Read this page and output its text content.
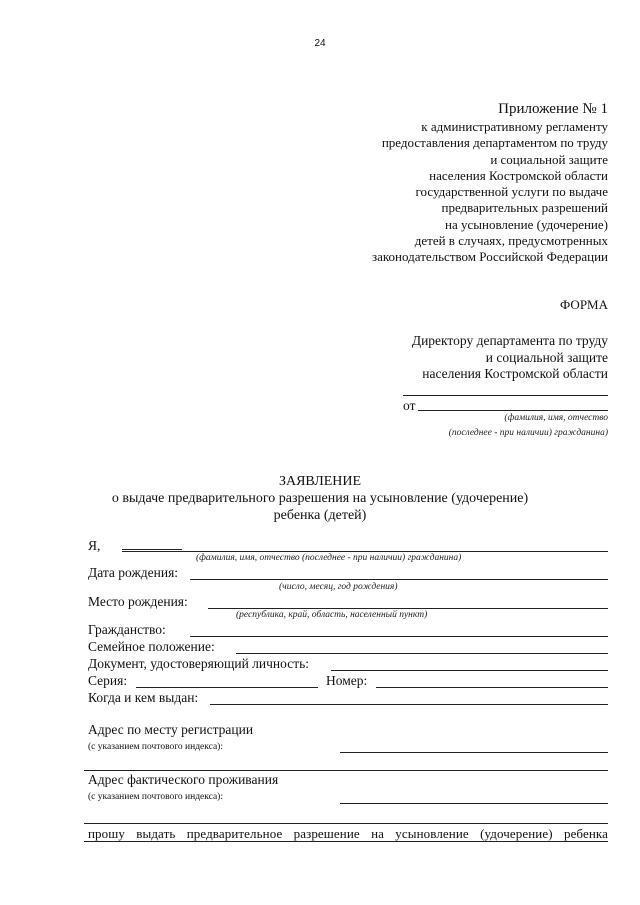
24
Приложение № 1
к административному регламенту
предоставления департаментом по труду
и социальной защите
населения Костромской области
государственной услуги по выдаче
предварительных разрешений
на усыновление (удочерение)
детей в случаях, предусмотренных
законодательством Российской Федерации
ФОРМА
Директору департамента по труду
и социальной защите
населения Костромской области
от
(фамилия, имя, отчество
(последнее - при наличии) гражданина)
ЗАЯВЛЕНИЕ
о выдаче предварительного разрешения на усыновление (удочерение)
ребенка (детей)
Я,
(фамилия, имя, отчество (последнее - при наличии) гражданина)
Дата рождения:
(число, месяц, год рождения)
Место рождения:
(республика, край, область, населенный пункт)
Гражданство:
Семейное положение:
Документ, удостоверяющий личность:
Серия:	Номер:
Когда и кем выдан:
Адрес по месту регистрации
(с указанием почтового индекса):
Адрес фактического проживания
(с указанием почтового индекса):
прошу выдать предварительное разрешение на усыновление (удочерение) ребенка
